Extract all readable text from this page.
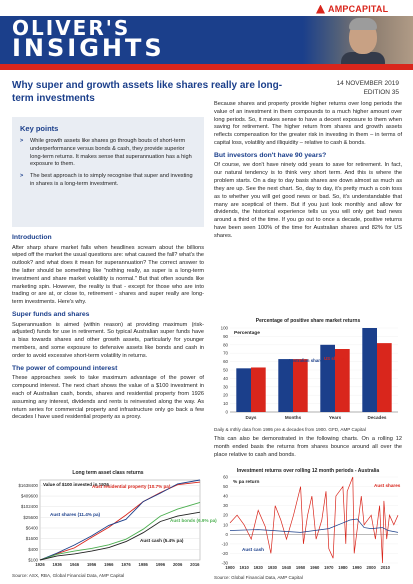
AMPCAPITAL
OLIVER'S
INSIGHTS
Why super and growth assets like shares really are long-term investments
14 NOVEMBER 2019
EDITION 35
Key points
> While growth assets like shares go through bouts of short-term underperformance versus bonds & cash, they provide superior long-term returns. It makes sense that superannuation has a high exposure to them.
> The best approach is to simply recognise that super and investing in shares is a long-term investment.
Introduction

After sharp share market falls when headlines scream about the billions wiped off the market the usual questions are: what caused the fall? what's the outlook? and what does it mean for superannuation? The correct answer to the latter should be something like "nothing really, as super is a long-term investment and share market volatility is normal." But that often sounds like marketing spin. However, the reality is that - except for those who are into trading or are at, or close to, retirement - shares and super really are long-term investments. Here's why.

Super funds and shares

Superannuation is aimed (within reason) at providing maximum (risk-adjusted) funds for use in retirement. So typical Australian super funds have a bias towards shares and other growth assets, particularly for younger members, and some exposure to defensive assets like bonds and cash in order to avoid excessive short-term volatility in returns.

The power of compound interest

These approaches seek to take maximum advantage of the power of compound interest. The next chart shows the value of a $100 investment in each of Australian cash, bonds, shares and residential property from 1926 assuming any interest, dividends and rents is reinvested along the way. As return series for commercial property and infrastructure only go back a few decades I have used residential property as a proxy.

Long term asset class returns
$100
$400
$1600
$6400
$25600
$102400
$409600
$1638400
1926 1936 1946 1956 1966 1976 1986 1996 2006 2016
Value of $100 invested in 1926
Aust residential property (10.7% pa)
Aust shares (11.4% pa)
Aust bonds (6.9% pa)
Aust cash (5.4% pa)
Source: ASX, RBA, Global Financial Data, AMP Capital

Because shares and property provide higher returns over long periods the value of an investment in them compounds to a much higher amount over long periods. So, it makes sense to have a decent exposure to them when saving for retirement. The higher return from shares and growth assets reflects compensation for the greater risk in investing in them – in terms of capital loss, volatility and illiquidity – relative to cash & bonds.

But investors don't have 90 years?

Of course, we don't have ninety odd years to save for retirement. In fact, our natural tendency is to think very short term. And this is where the problem starts. On a day to day basis shares are down almost as much as they are up. See the next chart. So, day to day, it's pretty much a coin toss as to whether you will get good news or bad. So, it's understandable that many are sceptical of them. But if you just look monthly and allow for dividends, the historical experience tells us you will only get bad news around a third of the time. If you go out to once a decade, positive returns have been seen 100% of the time for Australian shares and 82% for US shares.

Percentage of positive share market returns
0
10
20
30
40
50
60
70
80
90
100
Days	Months	Years	Decades
Percentage
Australian shares US shares
Daily & mthly data from 1995 pre & decades from 1900. GFD, AMP Capital

This can also be demonstrated in the following charts. On a rolling 12 month ended basis the returns from shares bounce around all over the place relative to cash and bonds.

Investment returns over rolling 12 month periods - Australia
-30
-20
-10
0
10
20
30
40
50
60
1900 1910 1920 1930 1940 1950 1960 1970 1980 1990 2000 2010
% pa return
Aust shares
Aust cash
Source: Global Financial Data, AMP Capital
